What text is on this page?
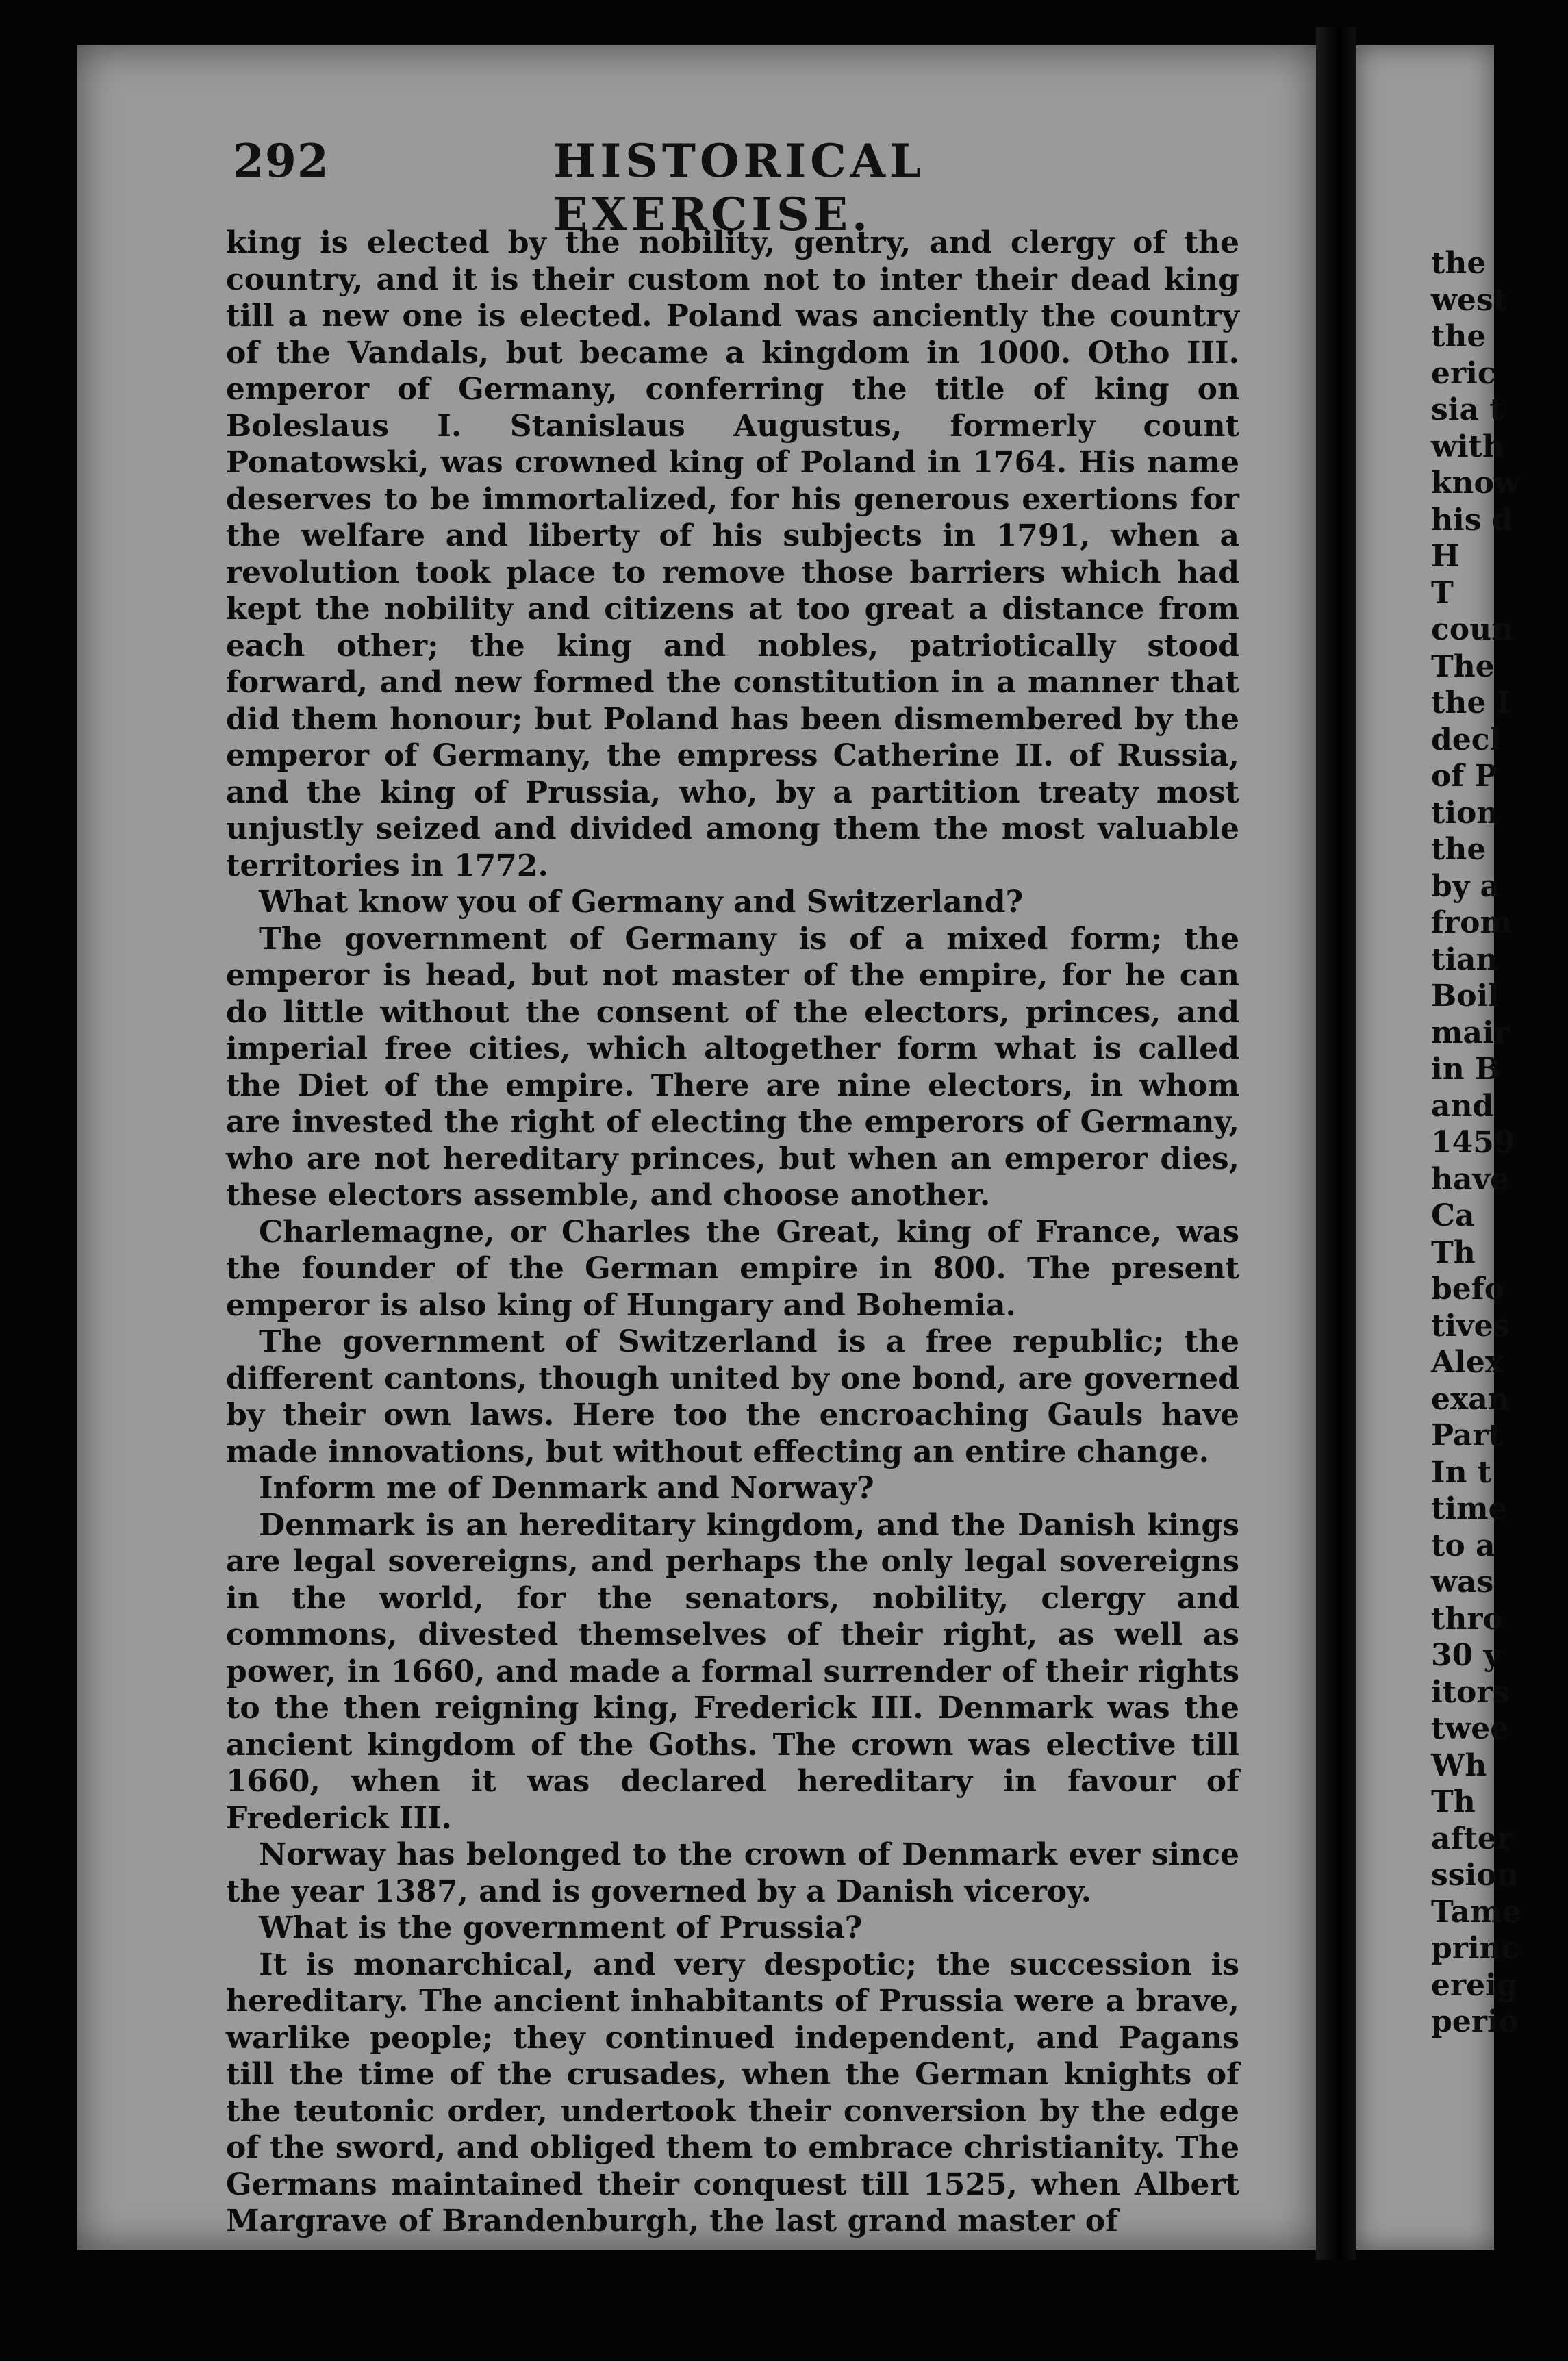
292	HISTORICAL EXERCISE.

king is elected by the nobility, gentry, and clergy of the country, and it is their custom not to inter their dead king till a new one is elected. Poland was anciently the country of the Vandals, but became a kingdom in 1000. Otho III. emperor of Germany, conferring the title of king on Boleslaus I. Stanislaus Augustus, formerly count Ponatowski, was crowned king of Poland in 1764. His name deserves to be immortalized, for his generous exertions for the welfare and liberty of his subjects in 1791, when a revolution took place to remove those barriers which had kept the nobility and citizens at too great a distance from each other; the king and nobles, patriotically stood forward, and new formed the constitution in a manner that did them honour; but Poland has been dismembered by the emperor of Germany, the empress Catherine II. of Russia, and the king of Prussia, who, by a partition treaty most unjustly seized and divided among them the most valuable territories in 1772.

What know you of Germany and Switzerland?

The government of Germany is of a mixed form; the emperor is head, but not master of the empire, for he can do little without the consent of the electors, princes, and imperial free cities, which altogether form what is called the Diet of the empire. There are nine electors, in whom are invested the right of electing the emperors of Germany, who are not hereditary princes, but when an emperor dies, these electors assemble, and choose another.

Charlemagne, or Charles the Great, king of France, was the founder of the German empire in 800. The present emperor is also king of Hungary and Bohemia.

The government of Switzerland is a free republic; the different cantons, though united by one bond, are governed by their own laws. Here too the encroaching Gauls have made innovations, but without effecting an entire change.

Inform me of Denmark and Norway?

Denmark is an hereditary kingdom, and the Danish kings are legal sovereigns, and perhaps the only legal sovereigns in the world, for the senators, nobility, clergy and commons, divested themselves of their right, as well as power, in 1660, and made a formal surrender of their rights to the then reigning king, Frederick III. Denmark was the ancient kingdom of the Goths. The crown was elective till 1660, when it was declared hereditary in favour of Frederick III.

Norway has belonged to the crown of Denmark ever since the year 1387, and is governed by a Danish viceroy.

What is the government of Prussia?

It is monarchical, and very despotic; the succession is hereditary. The ancient inhabitants of Prussia were a brave, warlike people; they continued independent, and Pagans till the time of the crusades, when the German knights of the teutonic order, undertook their conversion by the edge of the sword, and obliged them to embrace christianity. The Germans maintained their conquest till 1525, when Albert Margrave of Brandenburgh, the last grand master of

the
west
the
eric
sia t
with
know
his d
H
T
coun
The
the I
decl
of P
tion
the
by a
from
tian
Boil
mair
in B
and
1459
have
Ca
Th
befo
tives
Alex
exan
Part
In t
time
to a
was
thro
30 y
itors
twee
Wh
Th
after
ssion
Tame
princ
ereig
perio
